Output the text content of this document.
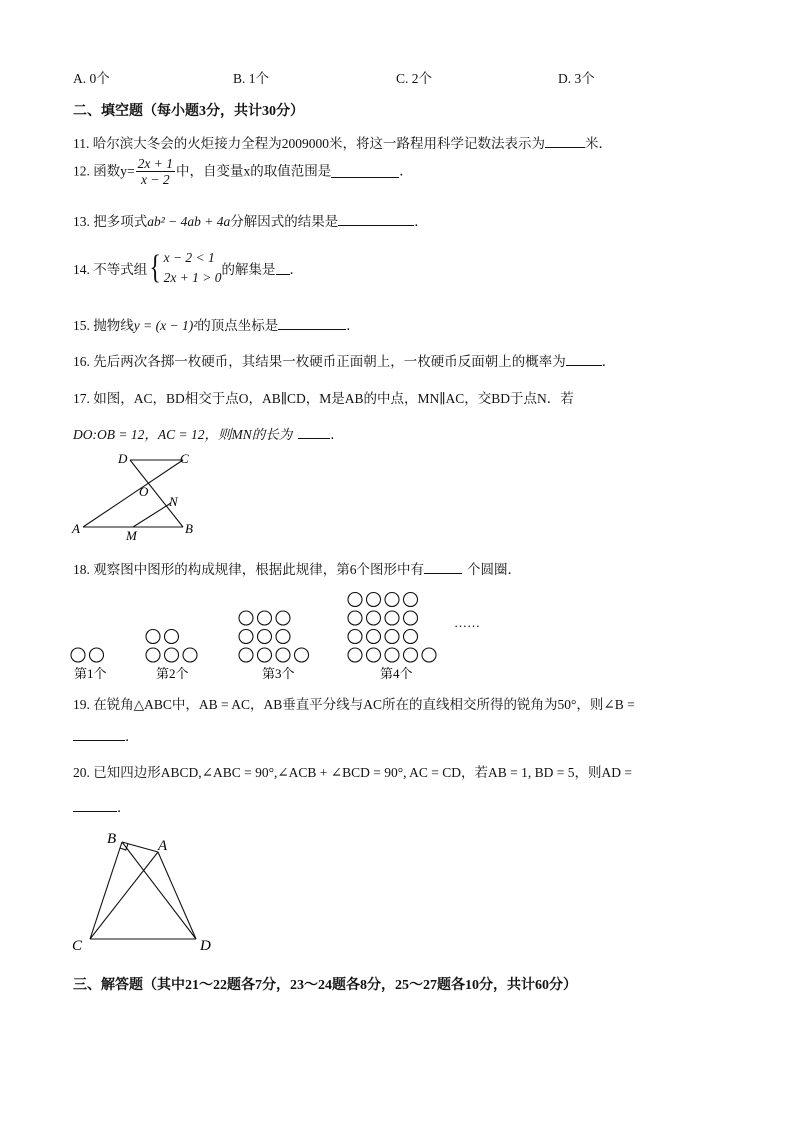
A. 0个	B. 1个	C. 2个	D. 3个
二、填空题（每小题3分，共计30分）
11. 哈尔滨大冬会的火炬接力全程为2009000米，将这一路程用科学记数法表示为	米．
12. 函数$y= \frac{2x + 1}{x - 2}$ 中，自变量x的取值范围是	．
13. 把多项式ab² − 4ab + 4a分解因式的结果是	．
14. 不等式组{ x − 2 < 1
2x + 1 > 0
的解集是 ．
15. 抛物线y = (x − 1)²的顶点坐标是	．
16. 先后两次各掷一枚硬币，其结果一枚硬币正面朝上，一枚硬币反面朝上的概率为	．
17. 如图，AC，BD相交于点O，AB∥CD，M是AB的中点，MN∥AC，交BD于点N．若
DO:OB = 12，AC = 12，则MN的长为	．
D	C
O
N
A	M	B
18. 观察图中图形的构成规律，根据此规律，第6个图形中有	个圆圈．
第1个	第2个	第3个	第4个
……
19. 在锐角△ABC中，AB = AC，AB垂直平分线与AC所在的直线相交所得的锐角为50°，则∠B =
．
20. 已知四边形ABCD,∠ABC = 90°,∠ACB + ∠BCD = 90°, AC = CD，若AB = 1, BD = 5，则AD =
．
B	A
C	D
三、解答题（其中21～22题各7分，23～24题各8分，25～27题各10分，共计60分）
